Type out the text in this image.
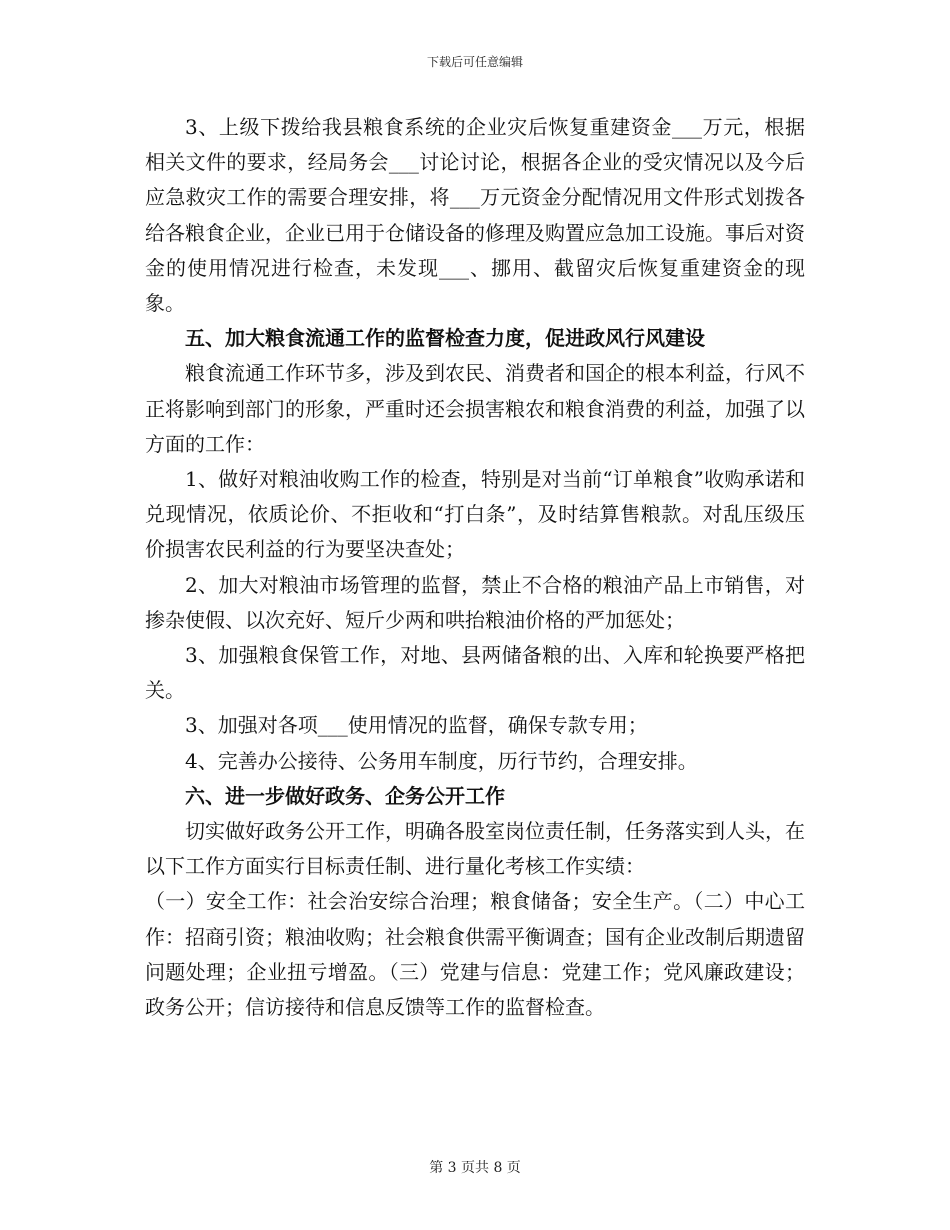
下载后可任意编辑

3、上级下拨给我县粮食系统的企业灾后恢复重建资金___万元，根据相关文件的要求，经局务会___讨论讨论，根据各企业的受灾情况以及今后应急救灾工作的需要合理安排，将___万元资金分配情况用文件形式划拨各给各粮食企业，企业已用于仓储设备的修理及购置应急加工设施。事后对资金的使用情况进行检查，未发现___、挪用、截留灾后恢复重建资金的现象。

五、加大粮食流通工作的监督检查力度，促进政风行风建设

粮食流通工作环节多，涉及到农民、消费者和国企的根本利益，行风不正将影响到部门的形象，严重时还会损害粮农和粮食消费的利益，加强了以方面的工作：

1、做好对粮油收购工作的检查，特别是对当前“订单粮食”收购承诺和兑现情况，依质论价、不拒收和“打白条”，及时结算售粮款。对乱压级压价损害农民利益的行为要坚决查处；

2、加大对粮油市场管理的监督，禁止不合格的粮油产品上市销售，对掺杂使假、以次充好、短斤少两和哄抬粮油价格的严加惩处；

3、加强粮食保管工作，对地、县两储备粮的出、入库和轮换要严格把关。

3、加强对各项___使用情况的监督，确保专款专用；

4、完善办公接待、公务用车制度，历行节约，合理安排。

六、进一步做好政务、企务公开工作

切实做好政务公开工作，明确各股室岗位责任制，任务落实到人头，在以下工作方面实行目标责任制、进行量化考核工作实绩：

（一）安全工作：社会治安综合治理；粮食储备；安全生产。（二）中心工作：招商引资；粮油收购；社会粮食供需平衡调查；国有企业改制后期遗留问题处理；企业扭亏增盈。（三）党建与信息：党建工作；党风廉政建设；政务公开；信访接待和信息反馈等工作的监督检查。

第 3 页共 8 页
